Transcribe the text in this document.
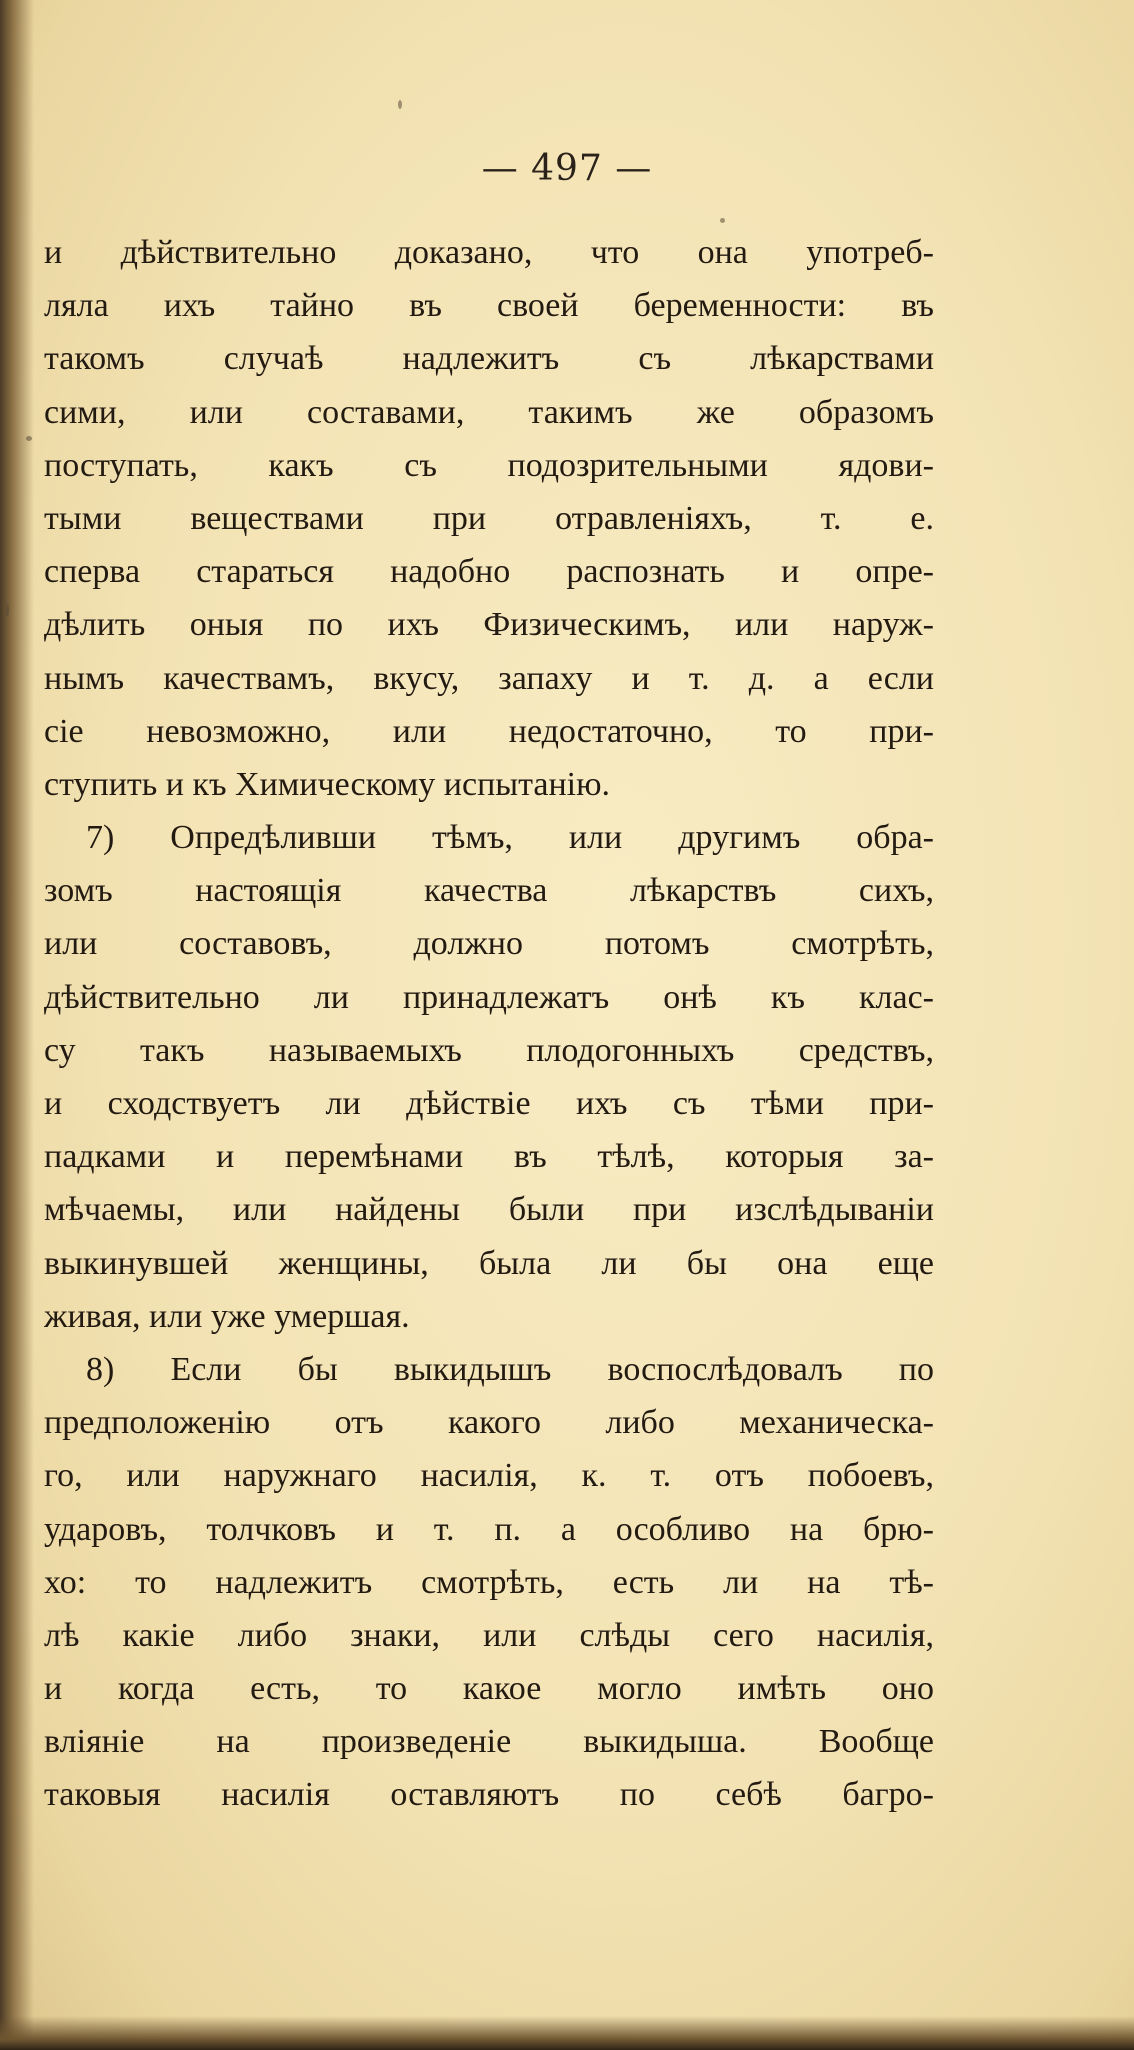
— 497 —
и дѣйствительно доказано, что она употреб-
ляла ихъ тайно въ своей беременности: въ
такомъ случаѣ надлежитъ съ лѣкарствами
сими, или составами, такимъ же образомъ
поступать, какъ съ подозрительными ядови-
тыми веществами при отравленiяхъ, т. е.
сперва стараться надобно распознать и опре-
дѣлить оныя по ихъ Физическимъ, или наруж-
нымъ качествамъ, вкусу, запаху и т. д. а если
сiе невозможно, или недостаточно, то при-
ступить и къ Химическому испытанiю.
7) Опредѣливши тѣмъ, или другимъ обра-
зомъ настоящiя качества лѣкарствъ сихъ,
или составовъ, должно потомъ смотрѣть,
дѣйствительно ли принадлежатъ онѣ къ клас-
су такъ называемыхъ плодогонныхъ средствъ,
и сходствуетъ ли дѣйствiе ихъ съ тѣми при-
падками и перемѣнами въ тѣлѣ, которыя за-
мѣчаемы, или найдены были при изслѣдыванiи
выкинувшей женщины, была ли бы она еще
живая, или уже умершая.
8) Если бы выкидышъ воспослѣдовалъ по
предположенiю отъ какого либо механическа-
го, или наружнаго насилiя, к. т. отъ побоевъ,
ударовъ, толчковъ и т. п. а особливо на брю-
хо: то надлежитъ смотрѣть, есть ли на тѣ-
лѣ какiе либо знаки, или слѣды сего насилiя,
и когда есть, то какое могло имѣть оно
влiянiе на произведенiе выкидыша. Вообще
таковыя насилiя оставляютъ по себѣ багро-
